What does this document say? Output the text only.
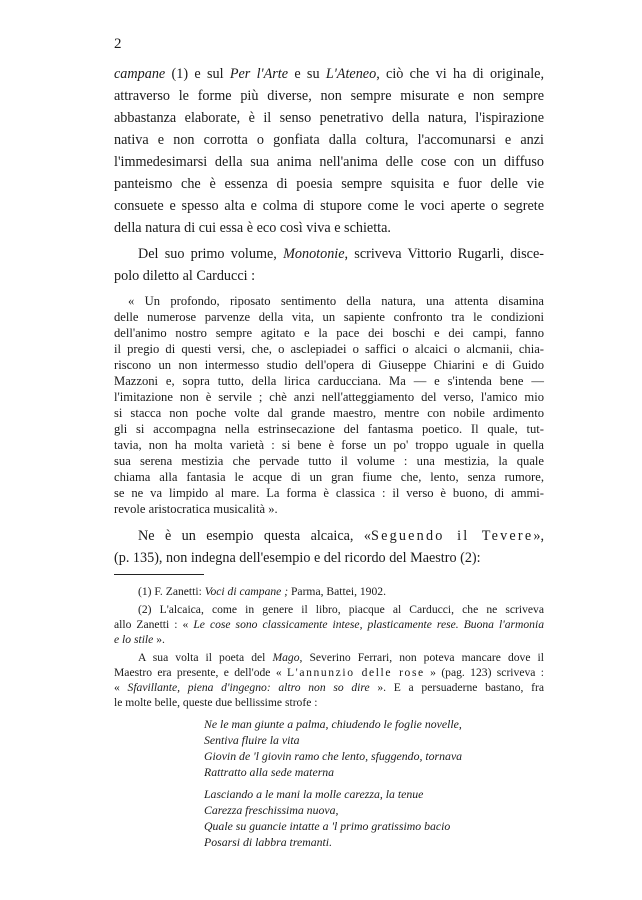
2
campane (1) e sul Per l'Arte e su L'Ateneo, ciò che vi ha di originale,
attraverso le forme più diverse, non sempre misurate e non sempre
abbastanza elaborate, è il senso penetrativo della natura, l'ispirazione
nativa e non corrotta o gonfiata dalla coltura, l'accomunarsi e anzi
l'immedesimarsi della sua anima nell'anima delle cose con un diffuso
panteismo che è essenza di poesia sempre squisita e fuor delle vie
consuete e spesso alta e colma di stupore come le voci aperte o segrete
della natura di cui essa è eco così viva e schietta.
Del suo primo volume, Monotonie, scriveva Vittorio Rugarli, disce-
polo diletto al Carducci :
« Un profondo, riposato sentimento della natura, una attenta disamina
delle numerose parvenze della vita, un sapiente confronto tra le condizioni
dell'animo nostro sempre agitato e la pace dei boschi e dei campi, fanno
il pregio di questi versi, che, o asclepiadei o saffici o alcaici o alcmanii, chia-
riscono un non intermesso studio dell'opera di Giuseppe Chiarini e di Guido
Mazzoni e, sopra tutto, della lirica carducciana. Ma — e s'intenda bene —
l'imitazione non è servile ; chè anzi nell'atteggiamento del verso, l'amico mio
si stacca non poche volte dal grande maestro, mentre con nobile ardimento
gli si accompagna nella estrinsecazione del fantasma poetico. Il quale, tut-
tavia, non ha molta varietà : si bene è forse un po' troppo uguale in quella
sua serena mestizia che pervade tutto il volume : una mestizia, la quale
chiama alla fantasia le acque di un gran fiume che, lento, senza rumore,
se ne va limpido al mare. La forma è classica : il verso è buono, di ammi-
revole aristocratica musicalità ».
Ne è un esempio questa alcaica, «Seguendo il Tevere»,
(p. 135), non indegna dell'esempio e del ricordo del Maestro (2):
(1) F. Zanetti: Voci di campane ; Parma, Battei, 1902.
(2) L'alcaica, come in genere il libro, piacque al Carducci, che ne scriveva
allo Zanetti : « Le cose sono classicamente intese, plasticamente rese. Buona l'armonia
e lo stile ».
A sua volta il poeta del Mago, Severino Ferrari, non poteva mancare dove il
Maestro era presente, e dell'ode « L'annunzio delle rose » (pag. 123) scriveva :
« Sfavillante, piena d'ingegno: altro non so dire ». E a persuaderne bastano, fra
le molte belle, queste due bellissime strofe :
Ne le man giunte a palma, chiudendo le foglie novelle,
Sentiva fluire la vita
Giovin de 'l giovin ramo che lento, sfuggendo, tornava
Rattratto alla sede materna
Lasciando a le mani la molle carezza, la tenue
Carezza freschissima nuova,
Quale su guancie intatte a 'l primo gratissimo bacio
Posarsi di labbra tremanti.
